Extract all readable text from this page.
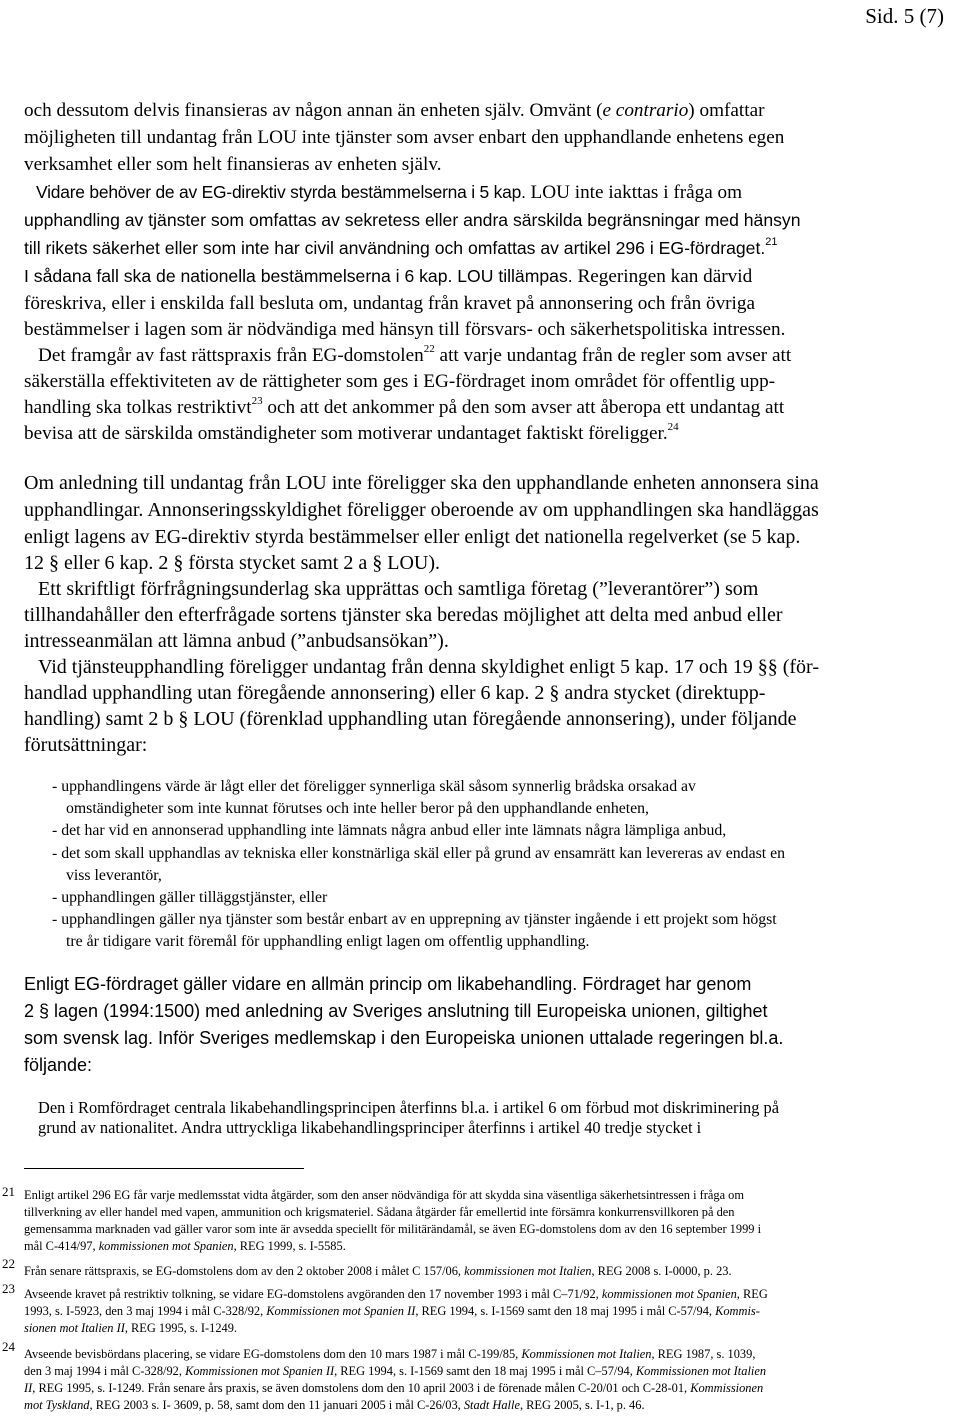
Sid. 5 (7)
och dessutom delvis finansieras av någon annan än enheten själv. Omvänt (e contrario) omfattar
möjligheten till undantag från LOU inte tjänster som avser enbart den upphandlande enhetens egen
verksamhet eller som helt finansieras av enheten själv.
Vidare behöver de av EG-direktiv styrda bestämmelserna i 5 kap. LOU inte iakttas i fråga om
upphandling av tjänster som omfattas av sekretess eller andra särskilda begränsningar med hänsyn
till rikets säkerhet eller som inte har civil användning och omfattas av artikel 296 i EG-fördraget.$^{21}$
I sådana fall ska de nationella bestämmelserna i 6 kap. LOU tillämpas. Regeringen kan därvid
föreskriva, eller i enskilda fall besluta om, undantag från kravet på annonsering och från övriga
bestämmelser i lagen som är nödvändiga med hänsyn till försvars- och säkerhetspolitiska intressen.
Det framgår av fast rättspraxis från EG-domstolen$^{22}$ att varje undantag från de regler som avser att
säkerställa effektiviteten av de rättigheter som ges i EG-fördraget inom området för offentlig upp-
handling ska tolkas restriktivt$^{23}$ och att det ankommer på den som avser att åberopa ett undantag att
bevisa att de särskilda omständigheter som motiverar undantaget faktiskt föreligger.$^{24}$
Om anledning till undantag från LOU inte föreligger ska den upphandlande enheten annonsera sina
upphandlingar. Annonseringsskyldighet föreligger oberoende av om upphandlingen ska handläggas
enligt lagens av EG-direktiv styrda bestämmelser eller enligt det nationella regelverket (se 5 kap.
12 § eller 6 kap. 2 § första stycket samt 2 a § LOU).
Ett skriftligt förfrågningsunderlag ska upprättas och samtliga företag (”leverantörer”) som
tillhandahåller den efterfrågade sortens tjänster ska beredas möjlighet att delta med anbud eller
intresseanmälan att lämna anbud (”anbudsansökan”).
Vid tjänsteupphandling föreligger undantag från denna skyldighet enligt 5 kap. 17 och 19 §§ (för-
handlad upphandling utan föregående annonsering) eller 6 kap. 2 § andra stycket (direktupp-
handling) samt 2 b § LOU (förenklad upphandling utan föregående annonsering), under följande
förutsättningar:
- upphandlingens värde är lågt eller det föreligger synnerliga skäl såsom synnerlig brådska orsakad av
omständigheter som inte kunnat förutses och inte heller beror på den upphandlande enheten,
- det har vid en annonserad upphandling inte lämnats några anbud eller inte lämnats några lämpliga anbud,
- det som skall upphandlas av tekniska eller konstnärliga skäl eller på grund av ensamrätt kan levereras av endast en
viss leverantör,
- upphandlingen gäller tilläggstjänster, eller
- upphandlingen gäller nya tjänster som består enbart av en upprepning av tjänster ingående i ett projekt som högst
tre år tidigare varit föremål för upphandling enligt lagen om offentlig upphandling.
Enligt EG-fördraget gäller vidare en allmän princip om likabehandling. Fördraget har genom
2 § lagen (1994:1500) med anledning av Sveriges anslutning till Europeiska unionen, giltighet
som svensk lag. Inför Sveriges medlemskap i den Europeiska unionen uttalade regeringen bl.a.
följande:
Den i Romfördraget centrala likabehandlingsprincipen återfinns bl.a. i artikel 6 om förbud mot diskriminering på
grund av nationalitet. Andra uttryckliga likabehandlingsprinciper återfinns i artikel 40 tredje stycket i
21 Enligt artikel 296 EG får varje medlemsstat vidta åtgärder, som den anser nödvändiga för att skydda sina väsentliga säkerhetsintressen i fråga om
tillverkning av eller handel med vapen, ammunition och krigsmateriel. Sådana åtgärder får emellertid inte försämra konkurrensvillkoren på den
gemensamma marknaden vad gäller varor som inte är avsedda speciellt för militärändamål, se även EG-domstolens dom av den 16 september 1999 i
mål C-414/97, kommissionen mot Spanien, REG 1999, s. I-5585.
22 Från senare rättspraxis, se EG-domstolens dom av den 2 oktober 2008 i målet C 157/06, kommissionen mot Italien, REG 2008 s. I-0000, p. 23.
23 Avseende kravet på restriktiv tolkning, se vidare EG-domstolens avgöranden den 17 november 1993 i mål C–71/92, kommissionen mot Spanien, REG
1993, s. I-5923, den 3 maj 1994 i mål C-328/92, Kommissionen mot Spanien II, REG 1994, s. I-1569 samt den 18 maj 1995 i mål C-57/94, Kommis-
sionen mot Italien II, REG 1995, s. I-1249.
24 Avseende bevisbördans placering, se vidare EG-domstolens dom den 10 mars 1987 i mål C-199/85, Kommissionen mot Italien, REG 1987, s. 1039,
den 3 maj 1994 i mål C-328/92, Kommissionen mot Spanien II, REG 1994, s. I-1569 samt den 18 maj 1995 i mål C–57/94, Kommissionen mot Italien
II, REG 1995, s. I-1249. Från senare års praxis, se även domstolens dom den 10 april 2003 i de förenade målen C-20/01 och C-28-01, Kommissionen
mot Tyskland, REG 2003 s. I- 3609, p. 58, samt dom den 11 januari 2005 i mål C-26/03, Stadt Halle, REG 2005, s. I-1, p. 46.
